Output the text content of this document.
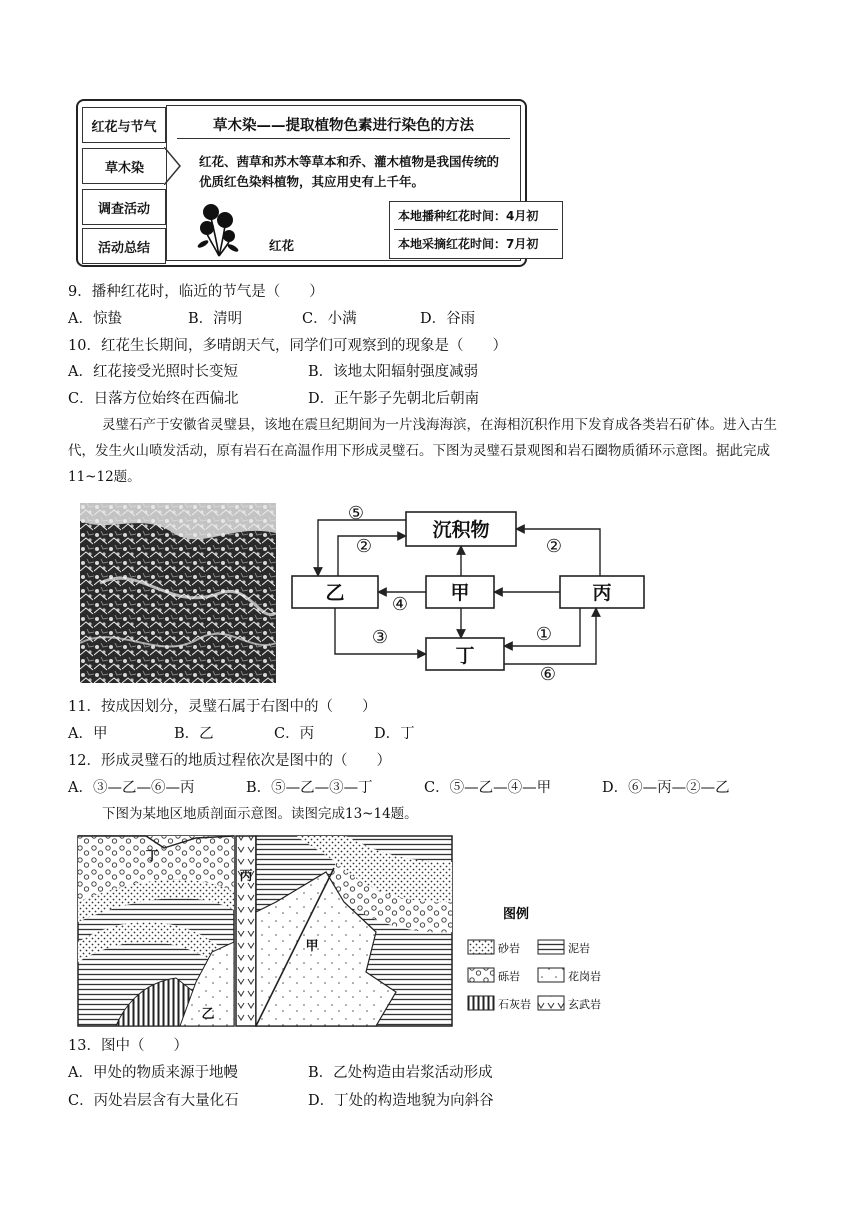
红花与节气
草木染
调查活动
活动总结
草木染——提取植物色素进行染色的方法
红花、茜草和苏木等草本和乔、灌木植物是我国传统的优质红色染料植物，其应用史有上千年。
红花
本地播种红花时间：4月初
本地采摘红花时间：7月初
9．播种红花时，临近的节气是（　　）
A．惊蛰	B．清明	C．小满	D．谷雨
10．红花生长期间，多晴朗天气，同学们可观察到的现象是（　　）
A．红花接受光照时长变短	B．该地太阳辐射强度减弱
C．日落方位始终在西偏北	D．正午影子先朝北后朝南
灵璧石产于安徽省灵璧县，该地在震旦纪期间为一片浅海海滨，在海相沉积作用下发育成各类岩石矿体。进入古生代，发生火山喷发活动，原有岩石在高温作用下形成灵璧石。下图为灵璧石景观图和岩石圈物质循环示意图。据此完成11~12题。
沉积物
乙	甲	丙
丁
⑤
②	②
④
③	①
⑥
11．按成因划分，灵璧石属于右图中的（　　）
A．甲	B．乙	C．丙	D．丁
12．形成灵璧石的地质过程依次是图中的（　　）
A．③—乙—⑥—丙	B．⑤—乙—③—丁	C．⑤—乙—④—甲	D．⑥—丙—②—乙
下图为某地区地质剖面示意图。读图完成13~14题。
丁
丙
甲
乙
图例
砂岩	泥岩
砾岩	花岗岩
石灰岩	玄武岩
13．图中（　　）
A．甲处的物质来源于地幔	B．乙处构造由岩浆活动形成
C．丙处岩层含有大量化石	D．丁处的构造地貌为向斜谷
